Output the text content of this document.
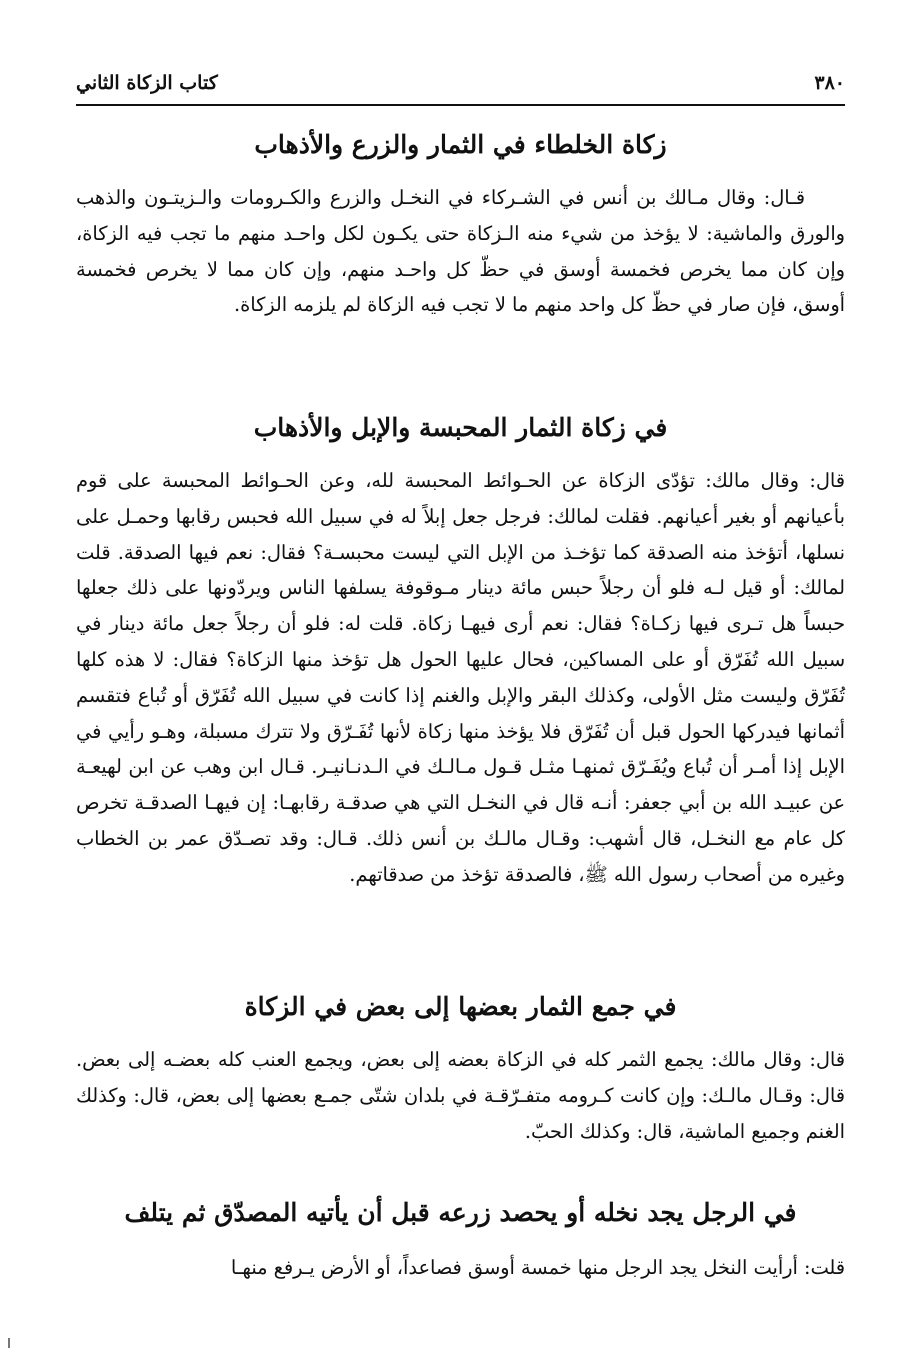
٣٨٠
كتاب الزكاة الثاني
زكاة الخلطاء في الثمار والزرع والأذهاب

قـال: وقال مـالك بن أنس في الشـركاء في النخـل والزرع والكـرومات والـزيتـون والذهب والورق والماشية: لا يؤخذ من شيء منه الـزكاة حتى يكـون لكل واحـد منهم ما تجب فيه الزكاة، وإن كان مما يخرص فخمسة أوسق في حظّ كل واحـد منهم، وإن كان مما لا يخرص فخمسة أوسق، فإن صار في حظّ كل واحد منهم ما لا تجب فيه الزكاة لم يلزمه الزكاة.

في زكاة الثمار المحبسة والإبل والأذهاب

قال: وقال مالك: تؤدّى الزكاة عن الحـوائط المحبسة لله، وعن الحـوائط المحبسة على قوم بأعيانهم أو بغير أعيانهم. فقلت لمالك: فرجل جعل إبلاً له في سبيل الله فحبس رقابها وحمـل على نسلها، أتؤخذ منه الصدقة كما تؤخـذ من الإبل التي ليست محبسـة؟ فقال: نعم فيها الصدقة. قلت لمالك: أو قيل لـه فلو أن رجلاً حبس مائة دينار مـوقوفة يسلفها الناس ويردّونها على ذلك جعلها حبساً هل تـرى فيها زكـاة؟ فقال: نعم أرى فيهـا زكاة. قلت له: فلو أن رجلاً جعل مائة دينار في سبيل الله تُفَرّق أو على المساكين، فحال عليها الحول هل تؤخذ منها الزكاة؟ فقال: لا هذه كلها تُفَرّق وليست مثل الأولى، وكذلك البقر والإبل والغنم إذا كانت في سبيل الله تُفَرّق أو تُباع فتقسم أثمانها فيدركها الحول قبل أن تُفَرّق فلا يؤخذ منها زكاة لأنها تُفَـرّق ولا تترك مسبلة، وهـو رأيي في الإبل إذا أمـر أن تُباع ويُفَـرّق ثمنهـا مثـل قـول مـالـك في الـدنـانيـر. قـال ابن وهب عن ابن لهيعـة عن عبيـد الله بن أبي جعفر: أنـه قال في النخـل التي هي صدقـة رقابهـا: إن فيهـا الصدقـة تخرص كل عام مع النخـل، قال أشهب: وقـال مالـك بن أنس ذلك. قـال: وقد تصـدّق عمر بن الخطاب وغيره من أصحاب رسول الله ﷺ، فالصدقة تؤخذ من صدقاتهم.

في جمع الثمار بعضها إلى بعض في الزكاة

قال: وقال مالك: يجمع الثمر كله في الزكاة بعضه إلى بعض، ويجمع العنب كله بعضـه إلى بعض. قال: وقـال مالـك: وإن كانت كـرومه متفـرّقـة في بلدان شتّى جمـع بعضها إلى بعض، قال: وكذلك الغنم وجميع الماشية، قال: وكذلك الحبّ.

في الرجل يجد نخله أو يحصد زرعه قبل أن يأتيه المصدّق ثم يتلف

قلت: أرأيت النخل يجد الرجل منها خمسة أوسق فصاعداً، أو الأرض يـرفع منهـا
